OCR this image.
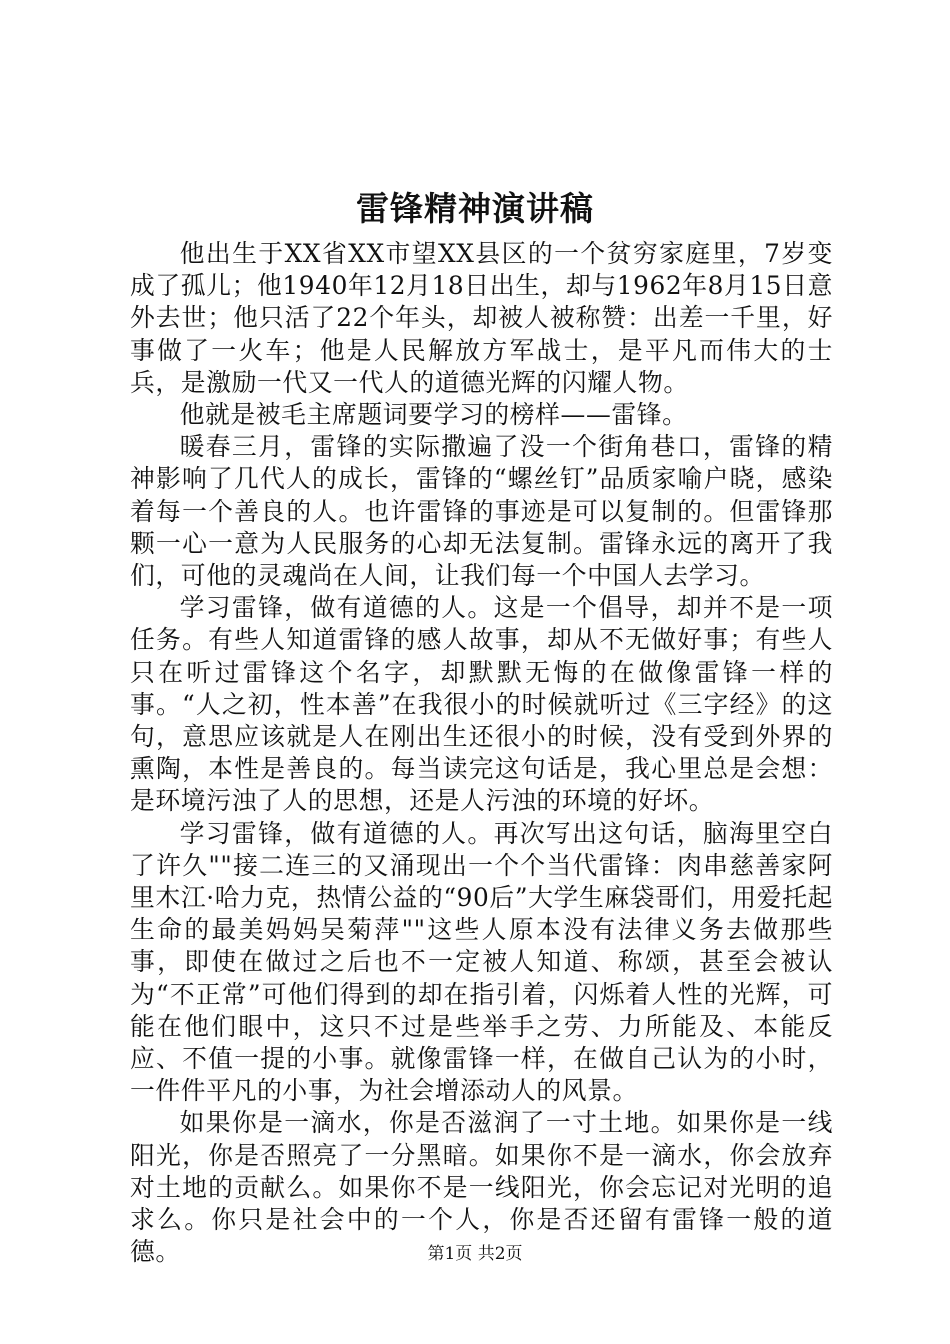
雷锋精神演讲稿

他出生于XX省XX市望XX县区的一个贫穷家庭里，7岁变成了孤儿；他1940年12月18日出生，却与1962年8月15日意外去世；他只活了22个年头，却被人被称赞：出差一千里，好事做了一火车；他是人民解放方军战士，是平凡而伟大的士兵，是激励一代又一代人的道德光辉的闪耀人物。

他就是被毛主席题词要学习的榜样——雷锋。

暖春三月，雷锋的实际撒遍了没一个街角巷口，雷锋的精神影响了几代人的成长，雷锋的“螺丝钉”品质家喻户晓，感染着每一个善良的人。也许雷锋的事迹是可以复制的。但雷锋那颗一心一意为人民服务的心却无法复制。雷锋永远的离开了我们，可他的灵魂尚在人间，让我们每一个中国人去学习。

学习雷锋，做有道德的人。这是一个倡导，却并不是一项任务。有些人知道雷锋的感人故事，却从不无做好事；有些人只在听过雷锋这个名字，却默默无悔的在做像雷锋一样的事。“人之初，性本善”在我很小的时候就听过《三字经》的这句，意思应该就是人在刚出生还很小的时候，没有受到外界的熏陶，本性是善良的。每当读完这句话是，我心里总是会想：是环境污浊了人的思想，还是人污浊的环境的好坏。

学习雷锋，做有道德的人。再次写出这句话，脑海里空白了许久""接二连三的又涌现出一个个当代雷锋：肉串慈善家阿里木江·哈力克，热情公益的“90后”大学生麻袋哥们，用爱托起生命的最美妈妈吴菊萍""这些人原本没有法律义务去做那些事，即使在做过之后也不一定被人知道、称颂，甚至会被认为“不正常”可他们得到的却在指引着，闪烁着人性的光辉，可能在他们眼中，这只不过是些举手之劳、力所能及、本能反应、不值一提的小事。就像雷锋一样，在做自己认为的小时，一件件平凡的小事，为社会增添动人的风景。

如果你是一滴水，你是否滋润了一寸土地。如果你是一线阳光，你是否照亮了一分黑暗。如果你不是一滴水，你会放弃对土地的贡献么。如果你不是一线阳光，你会忘记对光明的追求么。你只是社会中的一个人，你是否还留有雷锋一般的道德。	第1页 共2页
